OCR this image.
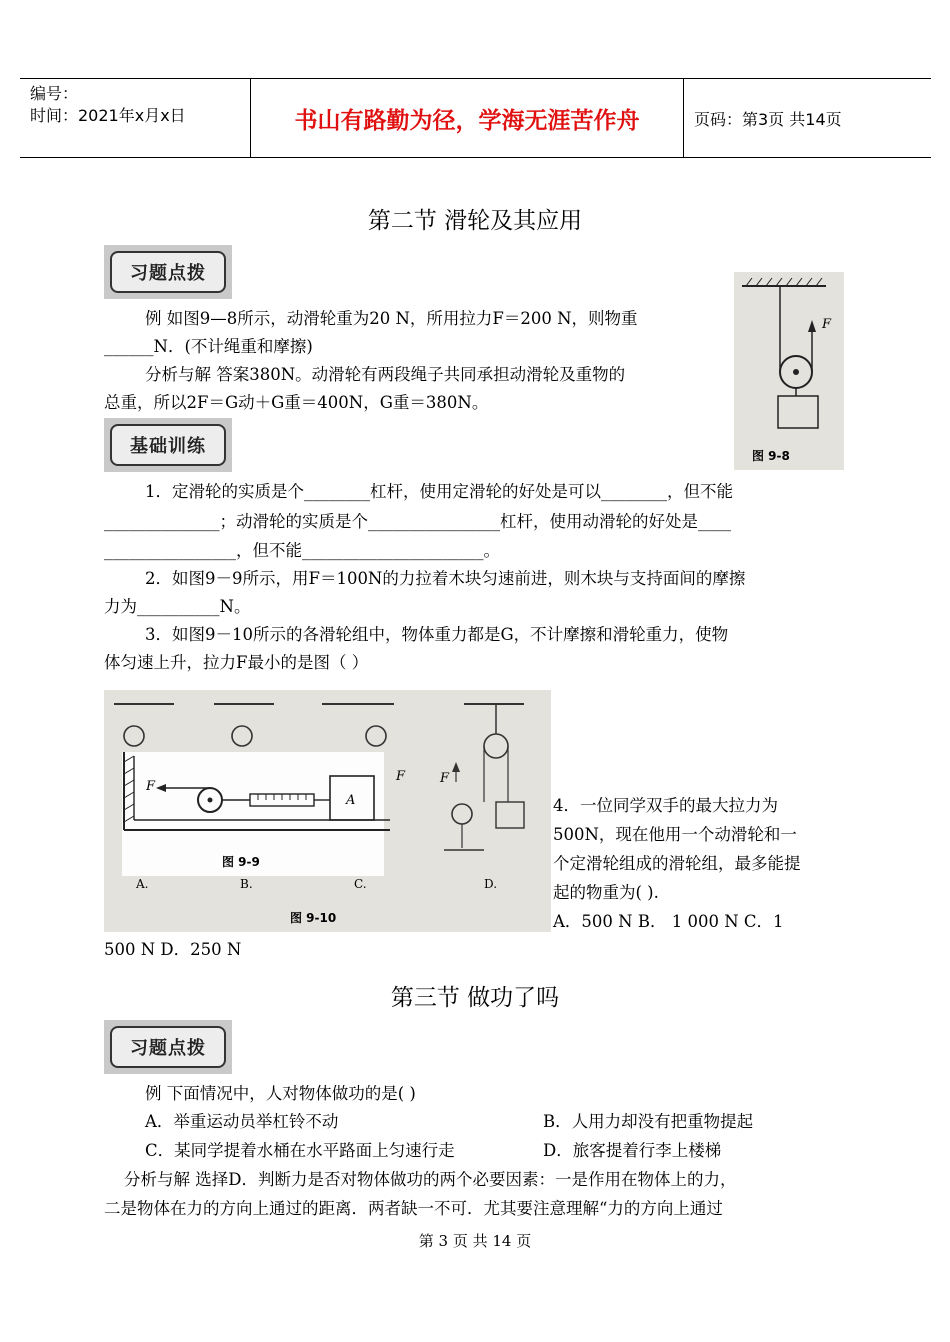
编号：
时间：2021年x月x日	书山有路勤为径，学海无涯苦作舟	页码：第3页 共14页
第二节 滑轮及其应用
习题点拨
例 如图9—8所示，动滑轮重为20 N，所用拉力F＝200 N，则物重
______N．(不计绳重和摩擦)
分析与解 答案380N。动滑轮有两段绳子共同承担动滑轮及重物的
总重，所以2F＝G动＋G重＝400N，G重＝380N。
F
图 9-8
基础训练
1．定滑轮的实质是个________杠杆，使用定滑轮的好处是可以________，但不能
______________；动滑轮的实质是个________________杠杆，使用动滑轮的好处是____
________________，但不能______________________。
2．如图9－9所示，用F＝100N的力拉着木块匀速前进，则木块与支持面间的摩擦
力为__________N。
3．如图9－10所示的各滑轮组中，物体重力都是G，不计摩擦和滑轮重力，使物
体匀速上升，拉力F最小的是图（ ）
F
F
F
A
图 9-9
A.	B.	C.	D.
图 9-10
4．一位同学双手的最大拉力为
500N，现在他用一个动滑轮和一
个定滑轮组成的滑轮组，最多能提
起的物重为( ).
A．500 N B． 1 000 N C．1
500 N D．250 N
第三节 做功了吗
习题点拨
例 下面情况中，人对物体做功的是( )
A．举重运动员举杠铃不动	B．人用力却没有把重物提起
C．某同学提着水桶在水平路面上匀速行走	D．旅客提着行李上楼梯
分析与解 选择D．判断力是否对物体做功的两个必要因素：一是作用在物体上的力，
二是物体在力的方向上通过的距离．两者缺一不可．尤其要注意理解“力的方向上通过
第 3 页 共 14 页
